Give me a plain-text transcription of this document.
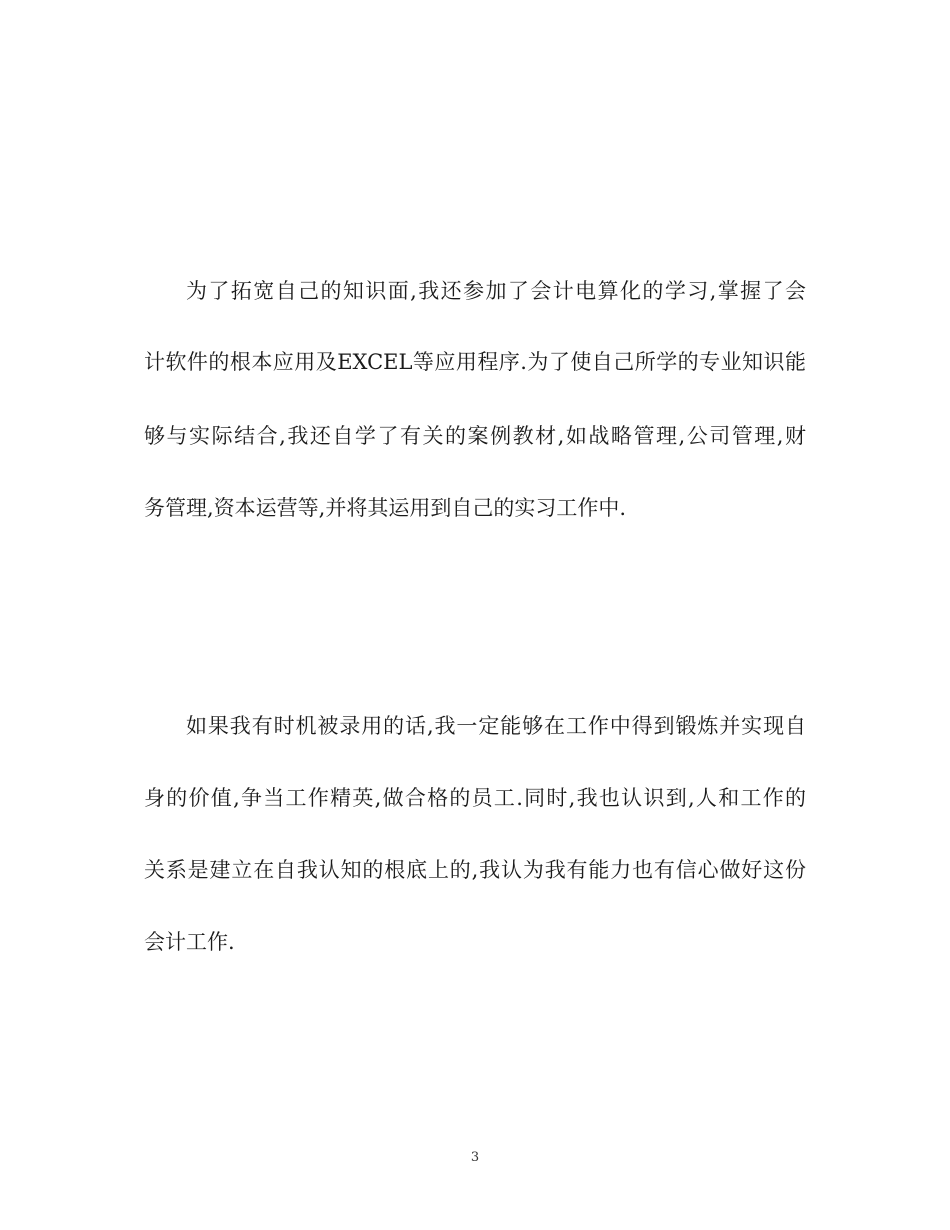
为了拓宽自己的知识面,我还参加了会计电算化的学习,掌握了会
计软件的根本应用及EXCEL等应用程序.为了使自己所学的专业知识能
够与实际结合,我还自学了有关的案例教材,如战略管理,公司管理,财
务管理,资本运营等,并将其运用到自己的实习工作中.
如果我有时机被录用的话,我一定能够在工作中得到锻炼并实现自
身的价值,争当工作精英,做合格的员工.同时,我也认识到,人和工作的
关系是建立在自我认知的根底上的,我认为我有能力也有信心做好这份
会计工作.
3
